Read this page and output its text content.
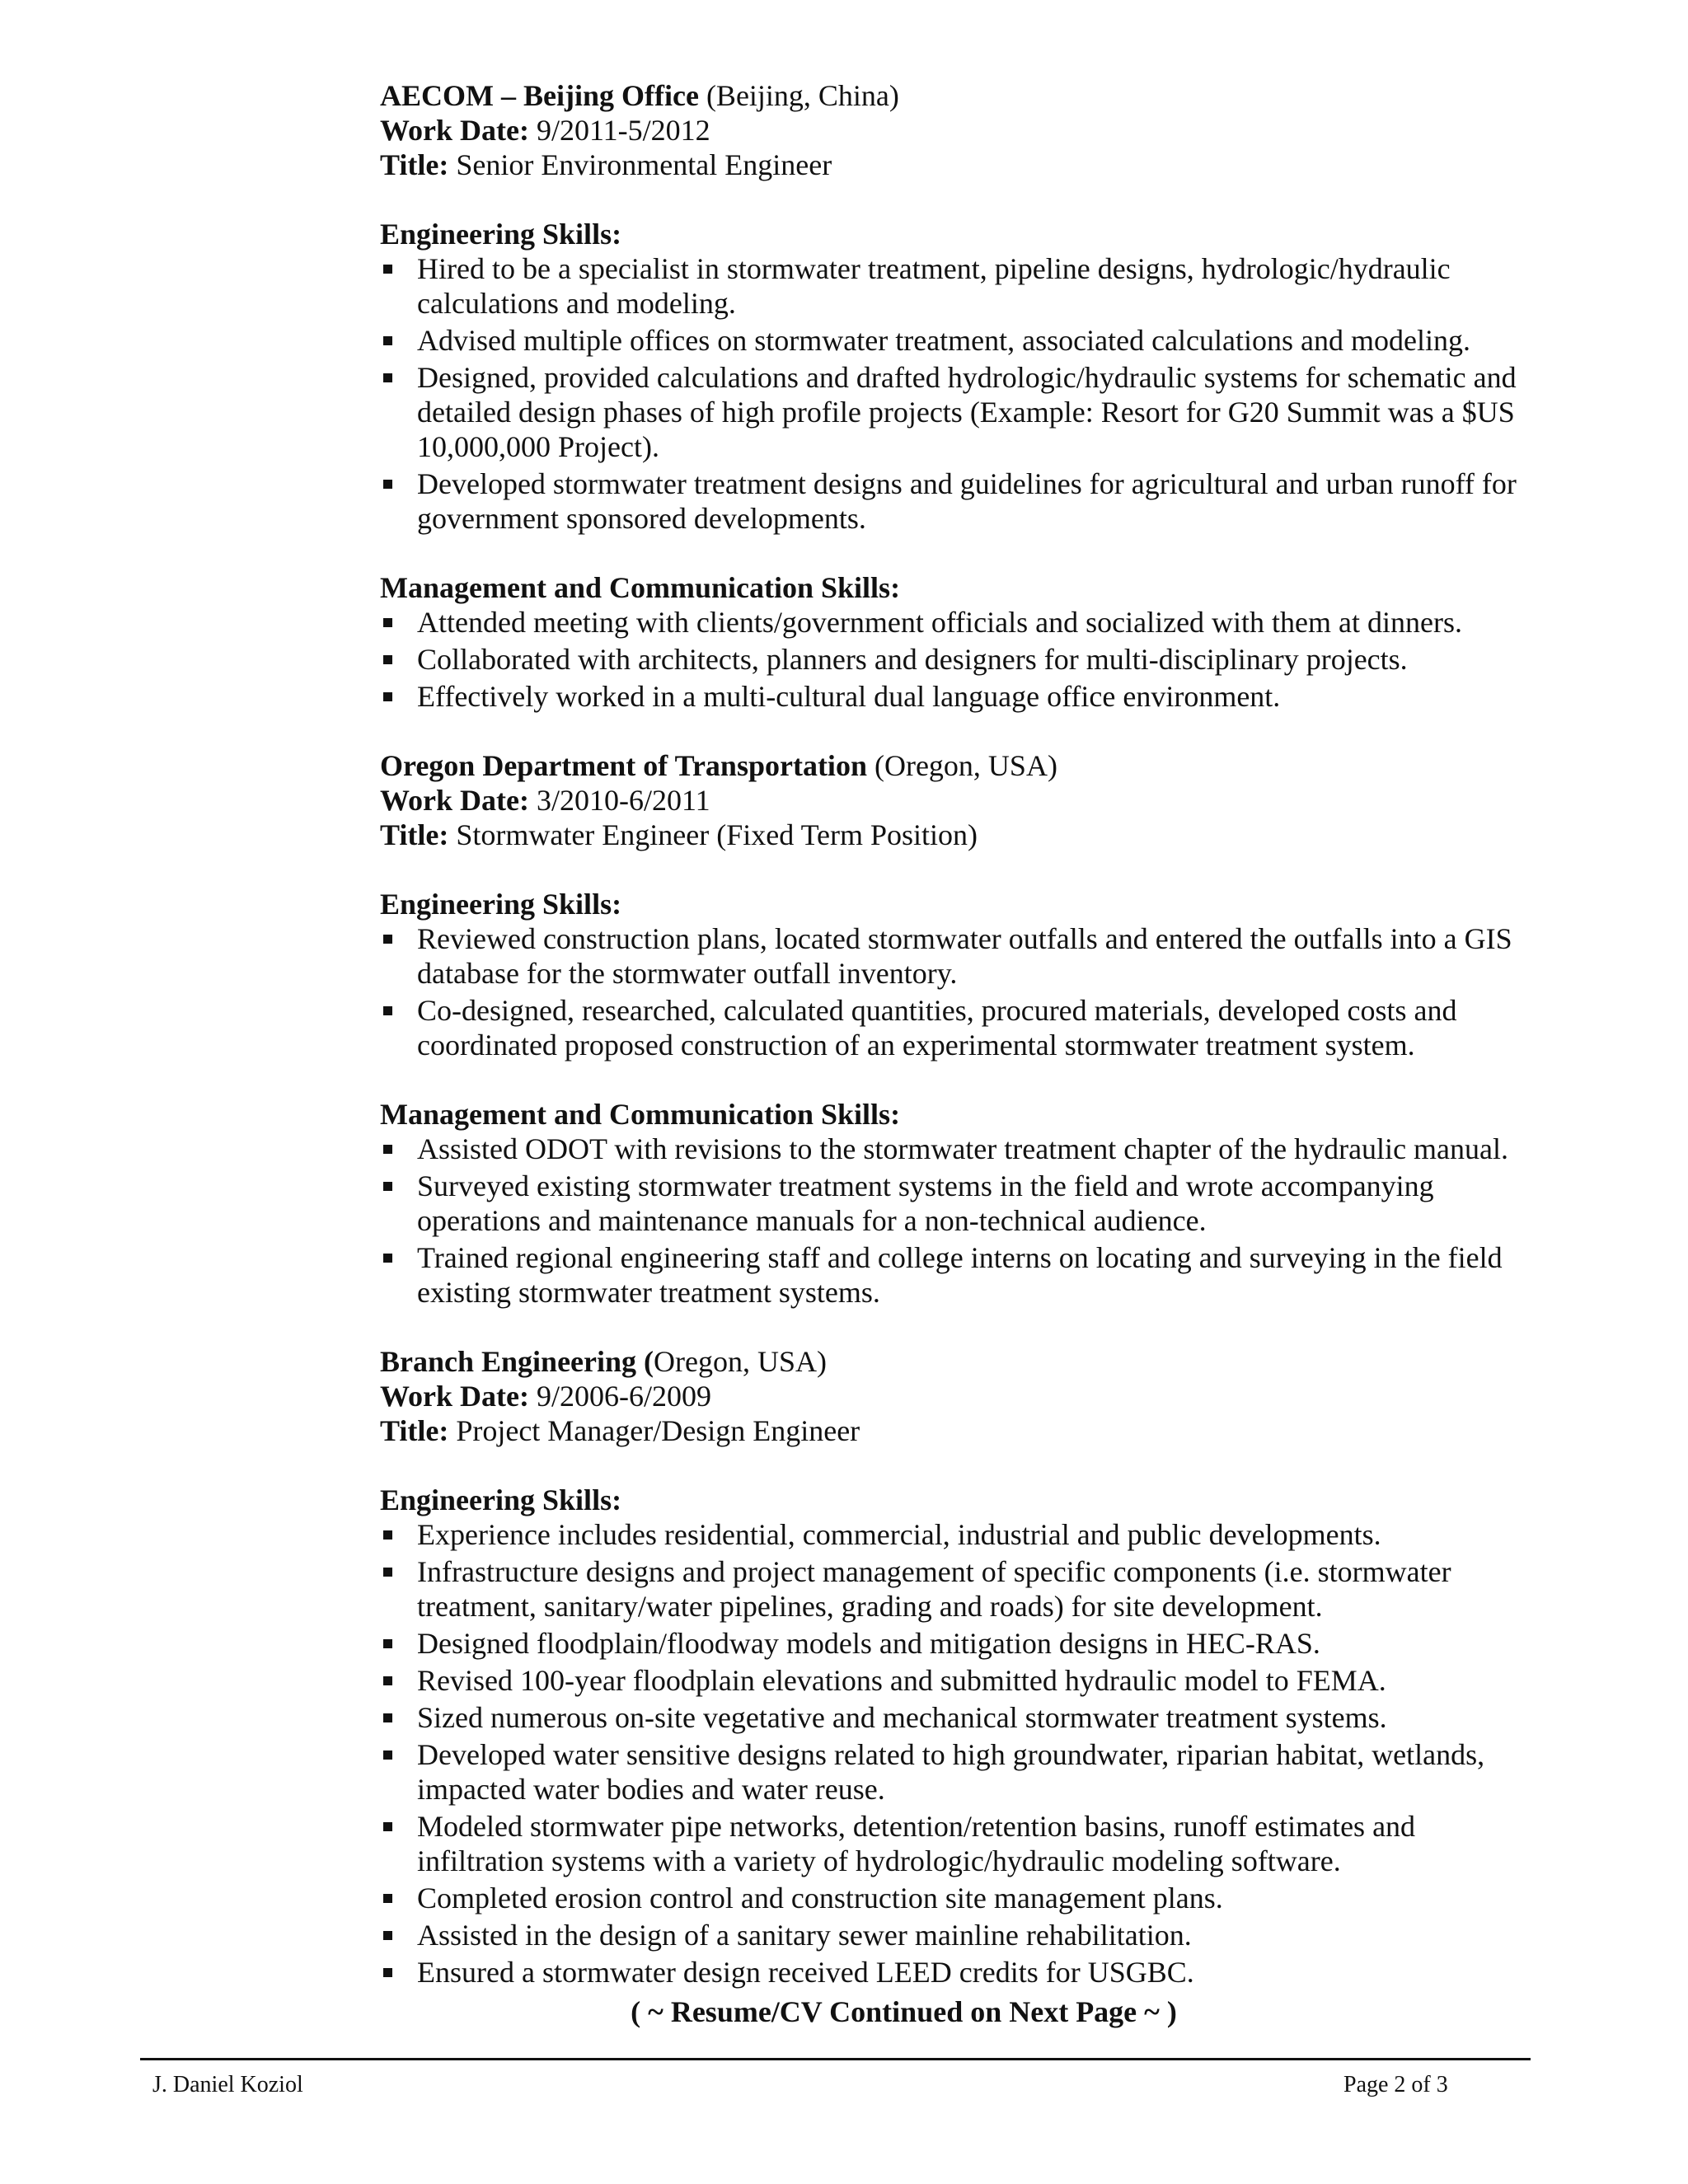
AECOM – Beijing Office (Beijing, China)
Work Date: 9/2011-5/2012
Title: Senior Environmental Engineer
Engineering Skills:
Hired to be a specialist in stormwater treatment, pipeline designs, hydrologic/hydraulic calculations and modeling.
Advised multiple offices on stormwater treatment, associated calculations and modeling.
Designed, provided calculations and drafted hydrologic/hydraulic systems for schematic and detailed design phases of high profile projects (Example: Resort for G20 Summit was a $US 10,000,000 Project).
Developed stormwater treatment designs and guidelines for agricultural and urban runoff for government sponsored developments.
Management and Communication Skills:
Attended meeting with clients/government officials and socialized with them at dinners.
Collaborated with architects, planners and designers for multi-disciplinary projects.
Effectively worked in a multi-cultural dual language office environment.
Oregon Department of Transportation (Oregon, USA)
Work Date: 3/2010-6/2011
Title: Stormwater Engineer (Fixed Term Position)
Engineering Skills:
Reviewed construction plans, located stormwater outfalls and entered the outfalls into a GIS database for the stormwater outfall inventory.
Co-designed, researched, calculated quantities, procured materials, developed costs and coordinated proposed construction of an experimental stormwater treatment system.
Management and Communication Skills:
Assisted ODOT with revisions to the stormwater treatment chapter of the hydraulic manual.
Surveyed existing stormwater treatment systems in the field and wrote accompanying operations and maintenance manuals for a non-technical audience.
Trained regional engineering staff and college interns on locating and surveying in the field existing stormwater treatment systems.
Branch Engineering (Oregon, USA)
Work Date: 9/2006-6/2009
Title: Project Manager/Design Engineer
Engineering Skills:
Experience includes residential, commercial, industrial and public developments.
Infrastructure designs and project management of specific components (i.e. stormwater treatment, sanitary/water pipelines, grading and roads) for site development.
Designed floodplain/floodway models and mitigation designs in HEC-RAS.
Revised 100-year floodplain elevations and submitted hydraulic model to FEMA.
Sized numerous on-site vegetative and mechanical stormwater treatment systems.
Developed water sensitive designs related to high groundwater, riparian habitat, wetlands, impacted water bodies and water reuse.
Modeled stormwater pipe networks, detention/retention basins, runoff estimates and infiltration systems with a variety of hydrologic/hydraulic modeling software.
Completed erosion control and construction site management plans.
Assisted in the design of a sanitary sewer mainline rehabilitation.
Ensured a stormwater design received LEED credits for USGBC.
( ~ Resume/CV Continued on Next Page ~ )
J. Daniel Koziol	Page 2 of 3
